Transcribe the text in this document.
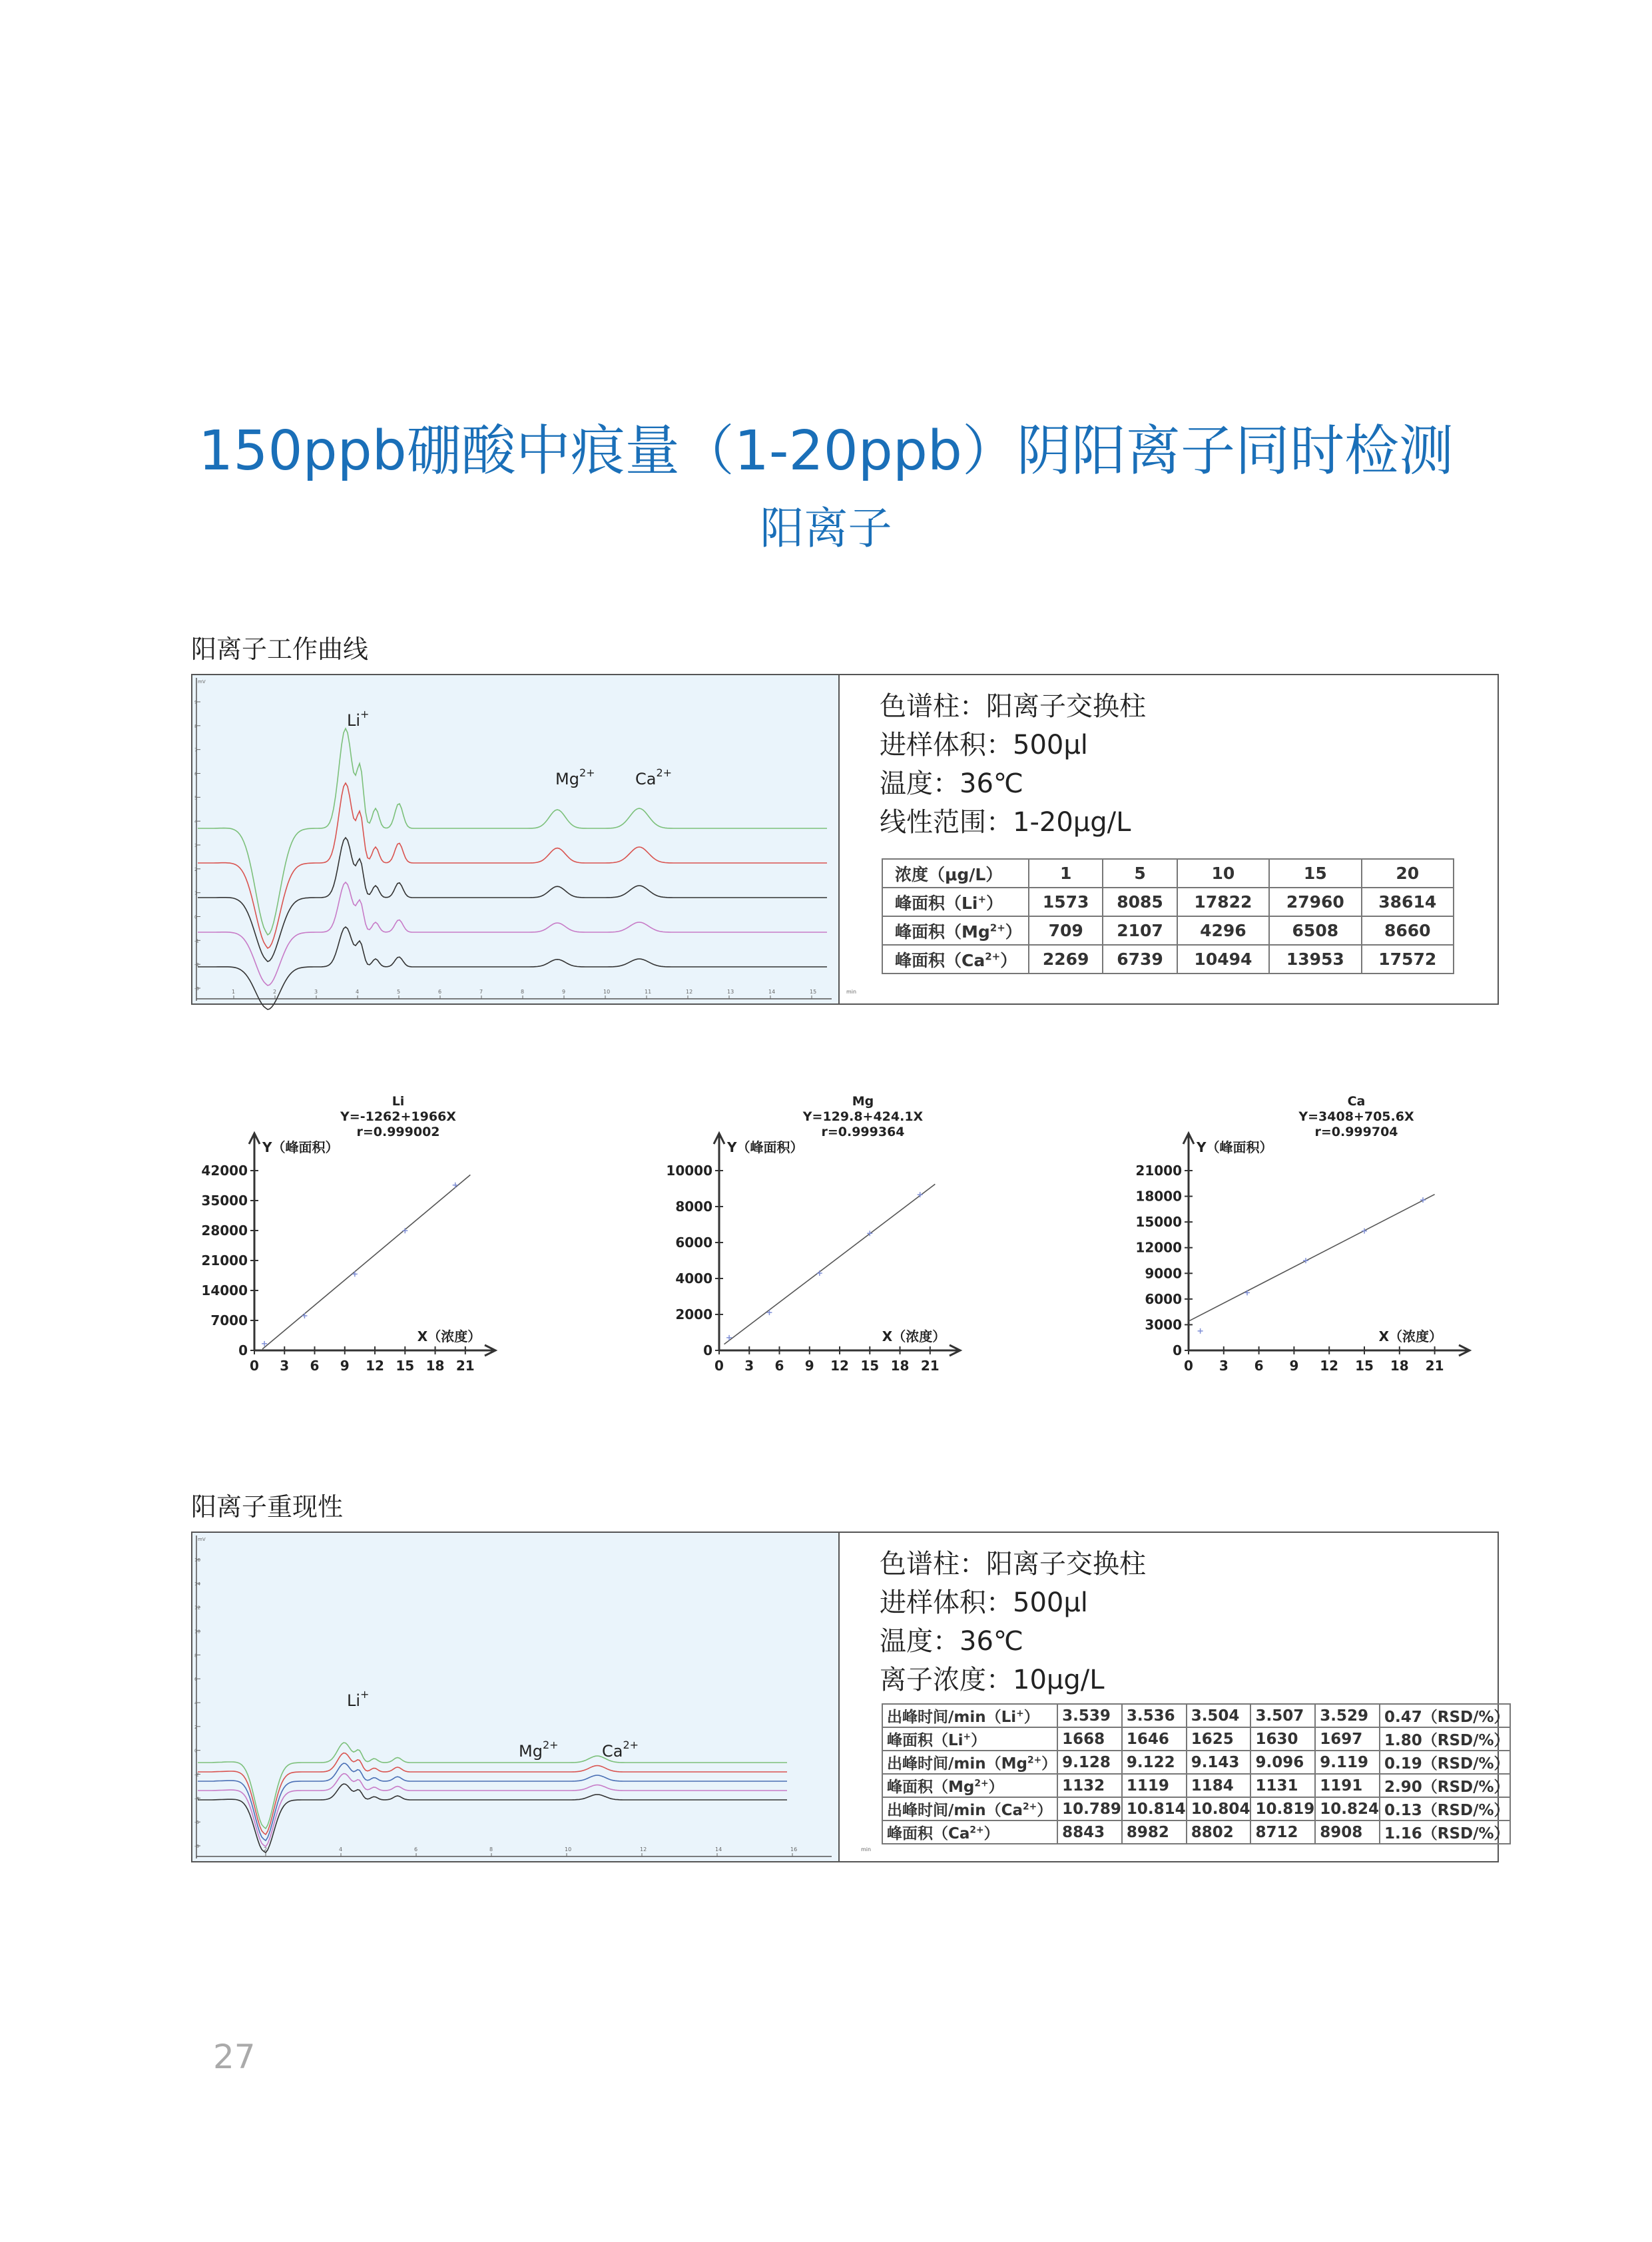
150ppb硼酸中痕量（1-20ppb）阴阳离子同时检测
阳离子
阳离子工作曲线
mV
9
8
7
6
5
4
3
2
1
0
-1
-2
-3	1	2	3	4	5	6	7	8	9	10	11	12	13	14	15	min
Li+
$Mg^{2+}$	$Ca^{2+}$
色谱柱：阳离子交换柱
进样体积：500μl
温度：36℃
线性范围：1-20μg/L
浓度（μg/L）	1	5	10	15	20
峰面积（Li+）	1573	8085	17822	27960	38614
峰面积$(Mg^{2+})$	709	2107	4296	6508	8660
峰面积$(Ca^{2+})$	2269	6739	10494	13953	17572
Li
Y=-1262+1966X
r=0.999002
Y（峰面积）
X（浓度）
0
7000
14000
21000
28000
35000
42000
0 3 6 9 12 15 18 21
Mg
Y=129.8+424.1X
r=0.999364
Y（峰面积）
X（浓度）
0
2000
4000
6000
8000
10000
0 3 6 9 12 15 18 21
Ca
Y=3408+705.6X
r=0.999704
Y（峰面积）
X（浓度）
0
3000
6000
9000
12000
15000
18000
21000
0 3 6 9 12 15 18 21
阳离子重现性
mV
16
14
12
10
8
6
4
2
0
-2
-4
-6
-8	2	4	6	8	10	12	14	16	min
Li+
$Mg^{2+}$	$Ca^{2+}$
色谱柱：阳离子交换柱
进样体积：500μl
温度：36℃
离子浓度：10μg/L
出峰时间/min（Li+）	3.539	3.536	3.504	3.507	3.529	0.47（RSD/%）
峰面积（Li+）	1668	1646	1625	1630	1697	1.80（RSD/%）
出峰时间$/\min(Mg^{2+})$	9.128	9.122	9.143	9.096	9.119	0.19（RSD/%）
峰面积$(Mg^{2+})$	1132	1119	1184	1131	1191	2.90（RSD/%）
出峰时间$/\min(Ca^{2+})$	10.789	10.814	10.804	10.819	10.824	0.13（RSD/%）
峰面积$(Ca^{2+})$	8843	8982	8802	8712	8908	1.16（RSD/%）
27
